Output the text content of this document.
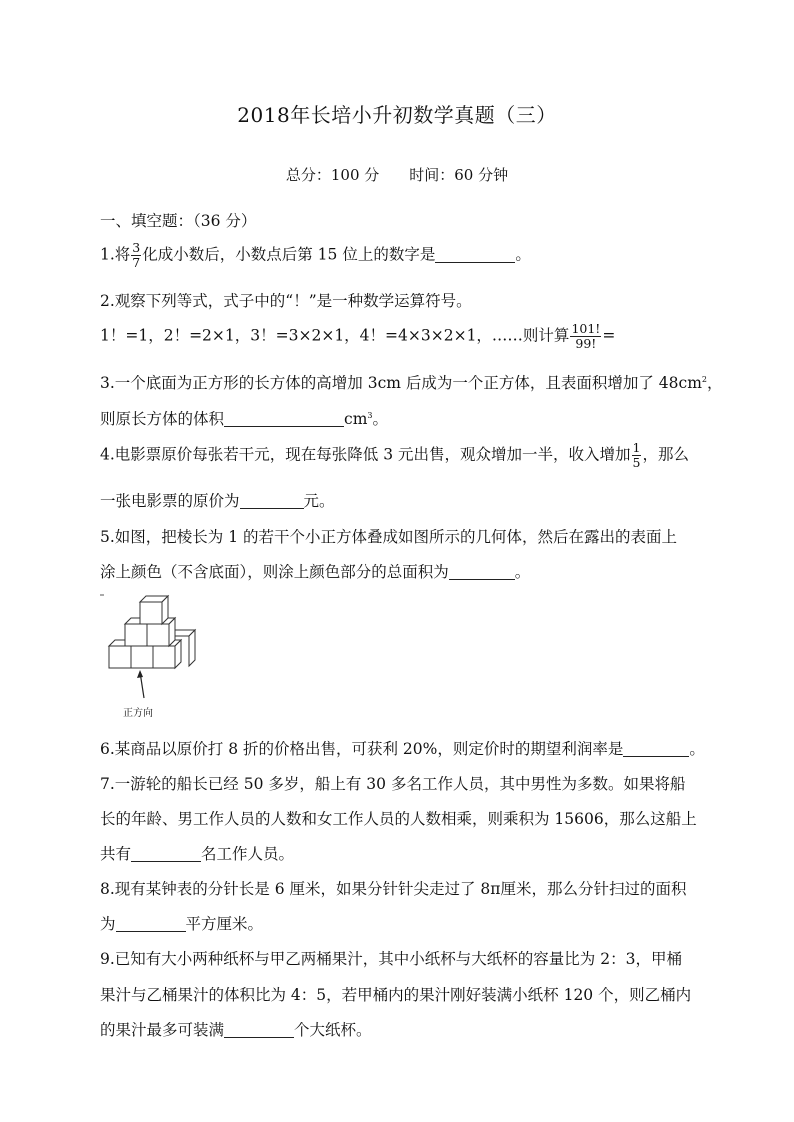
2018年长培小升初数学真题（三）
总分：100 分　　时间：60 分钟
一、填空题：（36 分）
1.将 $\frac{3}{7}$ 化成小数后，小数点后第 15 位上的数字是	。
2.观察下列等式，式子中的“！”是一种数学运算符号。
1！=1，2！=2×1，3！=3×2×1，4！=4×3×2×1，……则计算 $\frac{101!}{99!}$ =
3.一个底面为正方形的长方体的高增加 3cm 后成为一个正方体，且表面积增加了 $48cm^2$，
则原长方体的体积	$cm^3$。
4.电影票原价每张若干元，现在每张降低 3 元出售，观众增加一半，收入增加 $\frac{1}{5}$ ，那么
一张电影票的原价为	元。
5.如图，把棱长为 1 的若干个小正方体叠成如图所示的几何体，然后在露出的表面上
涂上颜色（不含底面），则涂上颜色部分的总面积为	。
正方向
6.某商品以原价打 8 折的价格出售，可获利 20%，则定价时的期望利润率是	。
7.一游轮的船长已经 50 多岁，船上有 30 多名工作人员，其中男性为多数。如果将船
长的年龄、男工作人员的人数和女工作人员的人数相乘，则乘积为 15606，那么这船上
共有	名工作人员。
8.现有某钟表的分针长是 6 厘米，如果分针针尖走过了 8π厘米，那么分针扫过的面积
为	平方厘米。
9.已知有大小两种纸杯与甲乙两桶果汁，其中小纸杯与大纸杯的容量比为 2：3，甲桶
果汁与乙桶果汁的体积比为 4：5，若甲桶内的果汁刚好装满小纸杯 120 个，则乙桶内
的果汁最多可装满	个大纸杯。
